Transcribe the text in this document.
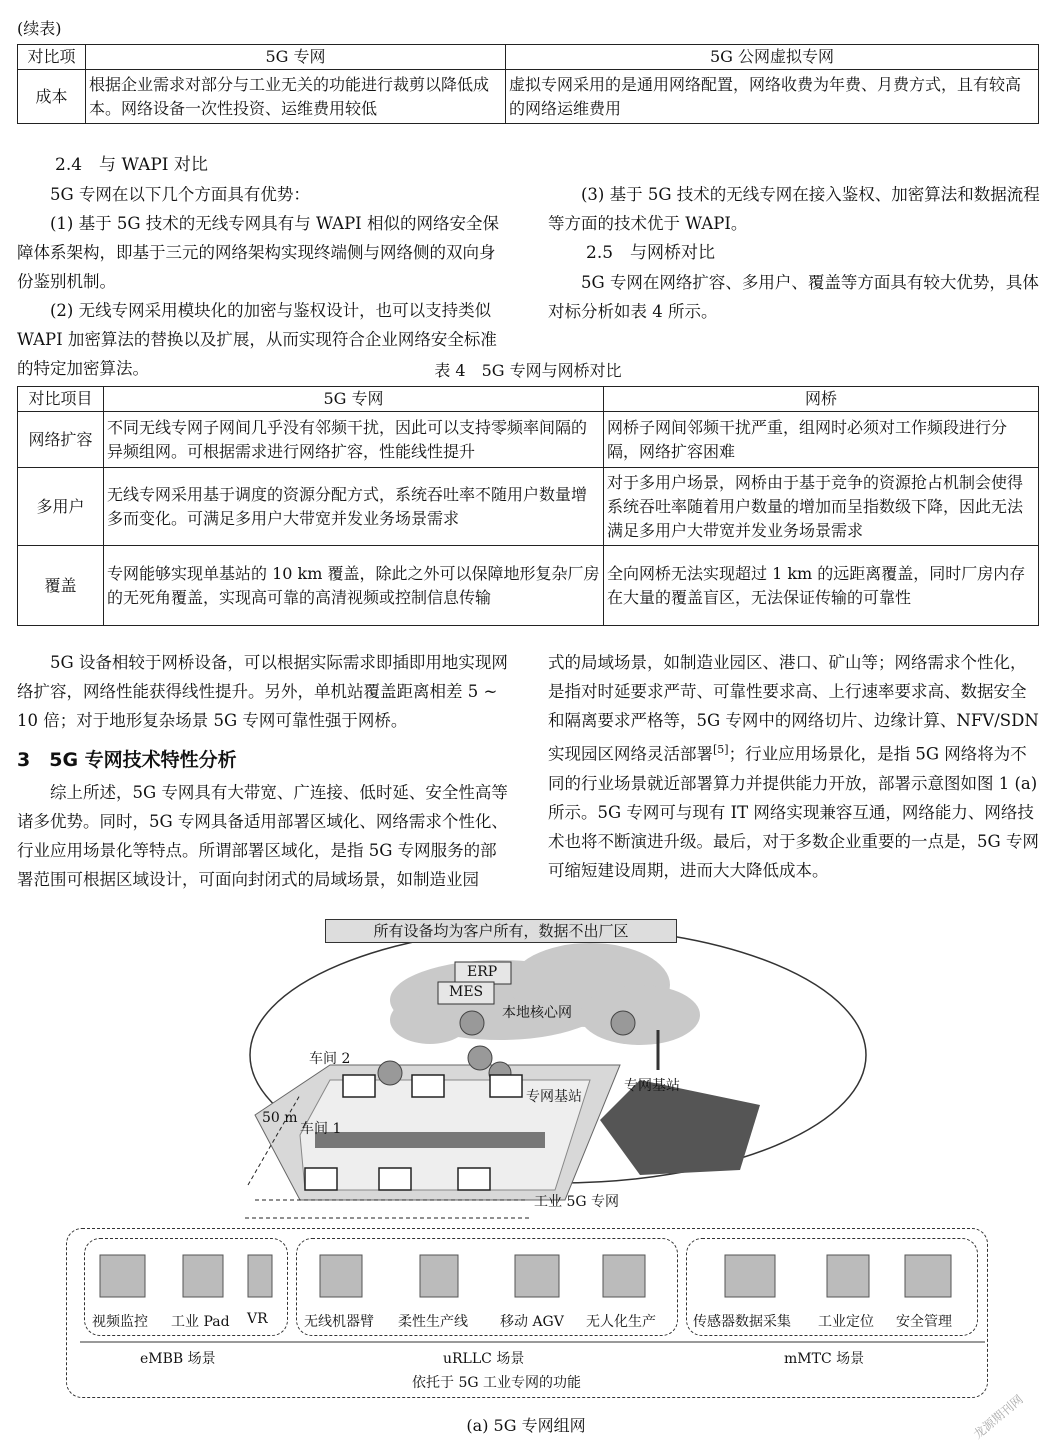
(续表)
对比项	5G 专网	5G 公网虚拟专网
成本	根据企业需求对部分与工业无关的功能进行裁剪以降低成本。网络设备一次性投资、运维费用较低	虚拟专网采用的是通用网络配置，网络收费为年费、月费方式，且有较高的网络运维费用
2.4　与 WAPI 对比

5G 专网在以下几个方面具有优势：

(1) 基于 5G 技术的无线专网具有与 WAPI 相似的网络安全保障体系架构，即基于三元的网络架构实现终端侧与网络侧的双向身份鉴别机制。

(2) 无线专网采用模块化的加密与鉴权设计，也可以支持类似 WAPI 加密算法的替换以及扩展，从而实现符合企业网络安全标准的特定加密算法。

(3) 基于 5G 技术的无线专网在接入鉴权、加密算法和数据流程等方面的技术优于 WAPI。

2.5　与网桥对比

5G 专网在网络扩容、多用户、覆盖等方面具有较大优势，具体对标分析如表 4 所示。

表 4　5G 专网与网桥对比
对比项目	5G 专网	网桥
网络扩容	不同无线专网子网间几乎没有邻频干扰，因此可以支持零频率间隔的异频组网。可根据需求进行网络扩容，性能线性提升	网桥子网间邻频干扰严重，组网时必须对工作频段进行分隔，网络扩容困难
多用户	无线专网采用基于调度的资源分配方式，系统吞吐率不随用户数量增多而变化。可满足多用户大带宽并发业务场景需求	对于多用户场景，网桥由于基于竞争的资源抢占机制会使得系统吞吐率随着用户数量的增加而呈指数级下降，因此无法满足多用户大带宽并发业务场景需求
覆盖	专网能够实现单基站的 10 km 覆盖，除此之外可以保障地形复杂厂房的无死角覆盖，实现高可靠的高清视频或控制信息传输	全向网桥无法实现超过 1 km 的远距离覆盖，同时厂房内存在大量的覆盖盲区，无法保证传输的可靠性

5G 设备相较于网桥设备，可以根据实际需求即插即用地实现网络扩容，网络性能获得线性提升。另外，单机站覆盖距离相差 5 ~ 10 倍；对于地形复杂场景 5G 专网可靠性强于网桥。

3　5G 专网技术特性分析

综上所述，5G 专网具有大带宽、广连接、低时延、安全性高等诸多优势。同时，5G 专网具备适用部署区域化、网络需求个性化、行业应用场景化等特点。所谓部署区域化，是指 5G 专网服务的部署范围可根据区域设计，可面向封闭式的局域场景，如制造业园

式的局域场景，如制造业园区、港口、矿山等；网络需求个性化，是指对时延要求严苛、可靠性要求高、上行速率要求高、数据安全和隔离要求严格等，5G 专网中的网络切片、边缘计算、NFV/SDN 实现园区网络灵活部署[5]；行业应用场景化，是指 5G 网络将为不同的行业场景就近部署算力并提供能力开放，部署示意图如图 1 (a) 所示。5G 专网可与现有 IT 网络实现兼容互通，网络能力、网络技术也将不断演进升级。最后，对于多数企业重要的一点是，5G 专网可缩短建设周期，进而大大降低成本。

所有设备均为客户所有，数据不出厂区
ERP
MES
本地核心网
车间 2
车间 1
50 m
专网基站
专网基站
工业 5G 专网
视频监控 工业 Pad VR	无线机器臂 柔性生产线 移动 AGV 无人化生产	传感器数据采集 工业定位 安全管理
eMBB 场景	uRLLC 场景	mMTC 场景
依托于 5G 工业专网的功能
(a) 5G 专网组网	龙源期刊网
